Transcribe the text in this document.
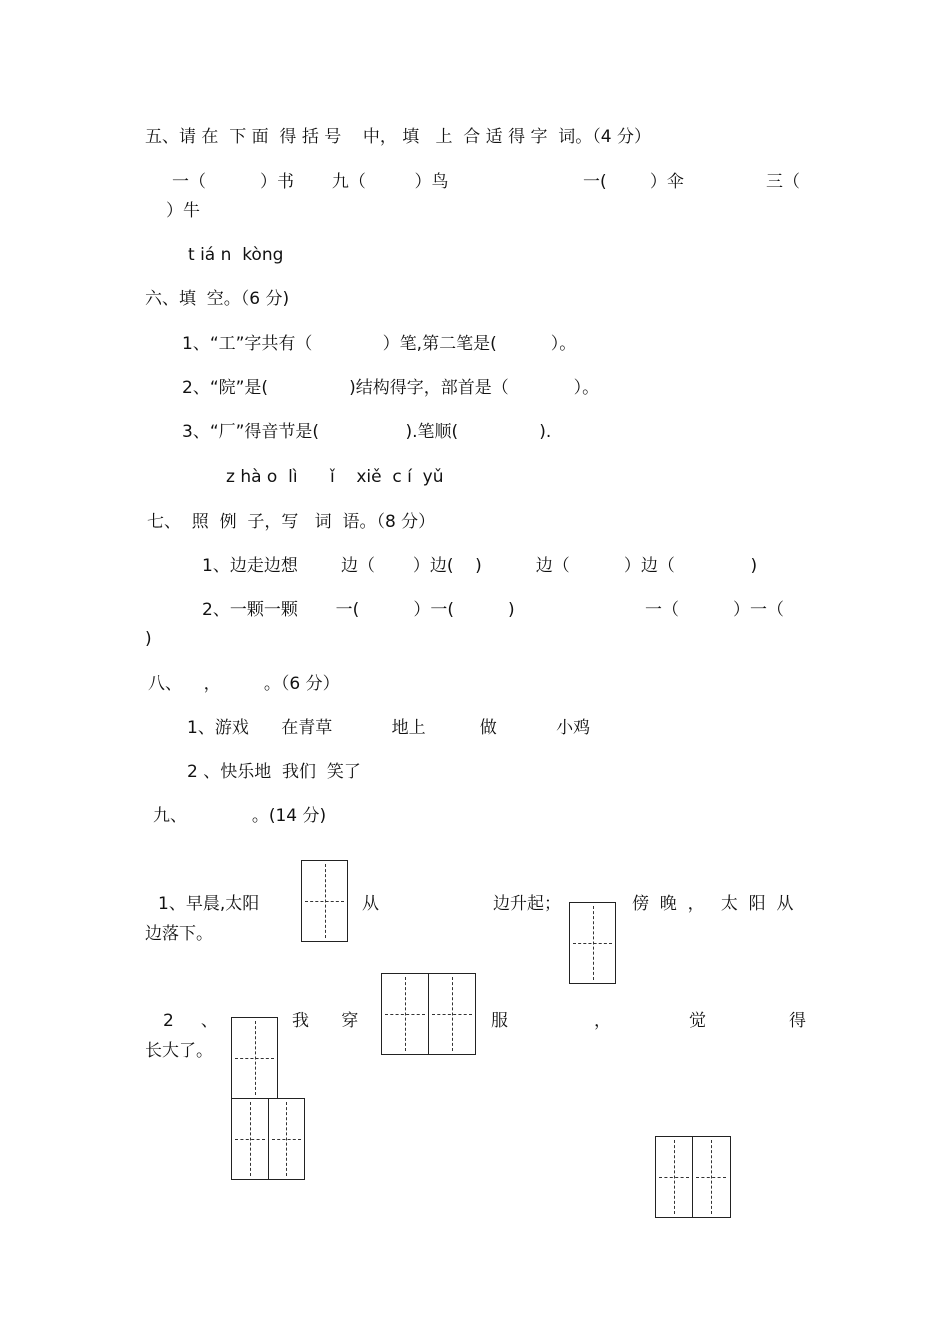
五、请 在  下 面  得 括 号    中， 填   上  合 适 得 字  词。（4 分）
一（          ）书       九（         ）鸟	一(        ）伞	三（
）牛
t iá n  kòng
六、填  空。（6 分)
1、“工”字共有（             ）笔,第二笔是(          ）。
2、“院”是(               )结构得字，部首是（            ）。
3、“厂”得音节是(                ).笔顺(               ).
z hà o  lì      ǐ    xiě  c í  yǔ
七、  照  例  子，写   词  语。（8 分）
1、边走边想        边（       ）边(    )          边（          ）边（              )
2、一颗一颗       一(          ）一(          )	一（          ）一（
)
八、    ，        。（6 分）
1、游戏      在青草           地上          做           小鸡
2 、快乐地  我们  笑了
九、            。(14 分)
1、早晨,太阳	从	边升起；	傍  晚  ，   太  阳  从
边落下。
2     、	我      穿	服	，	觉	得
长大了。
